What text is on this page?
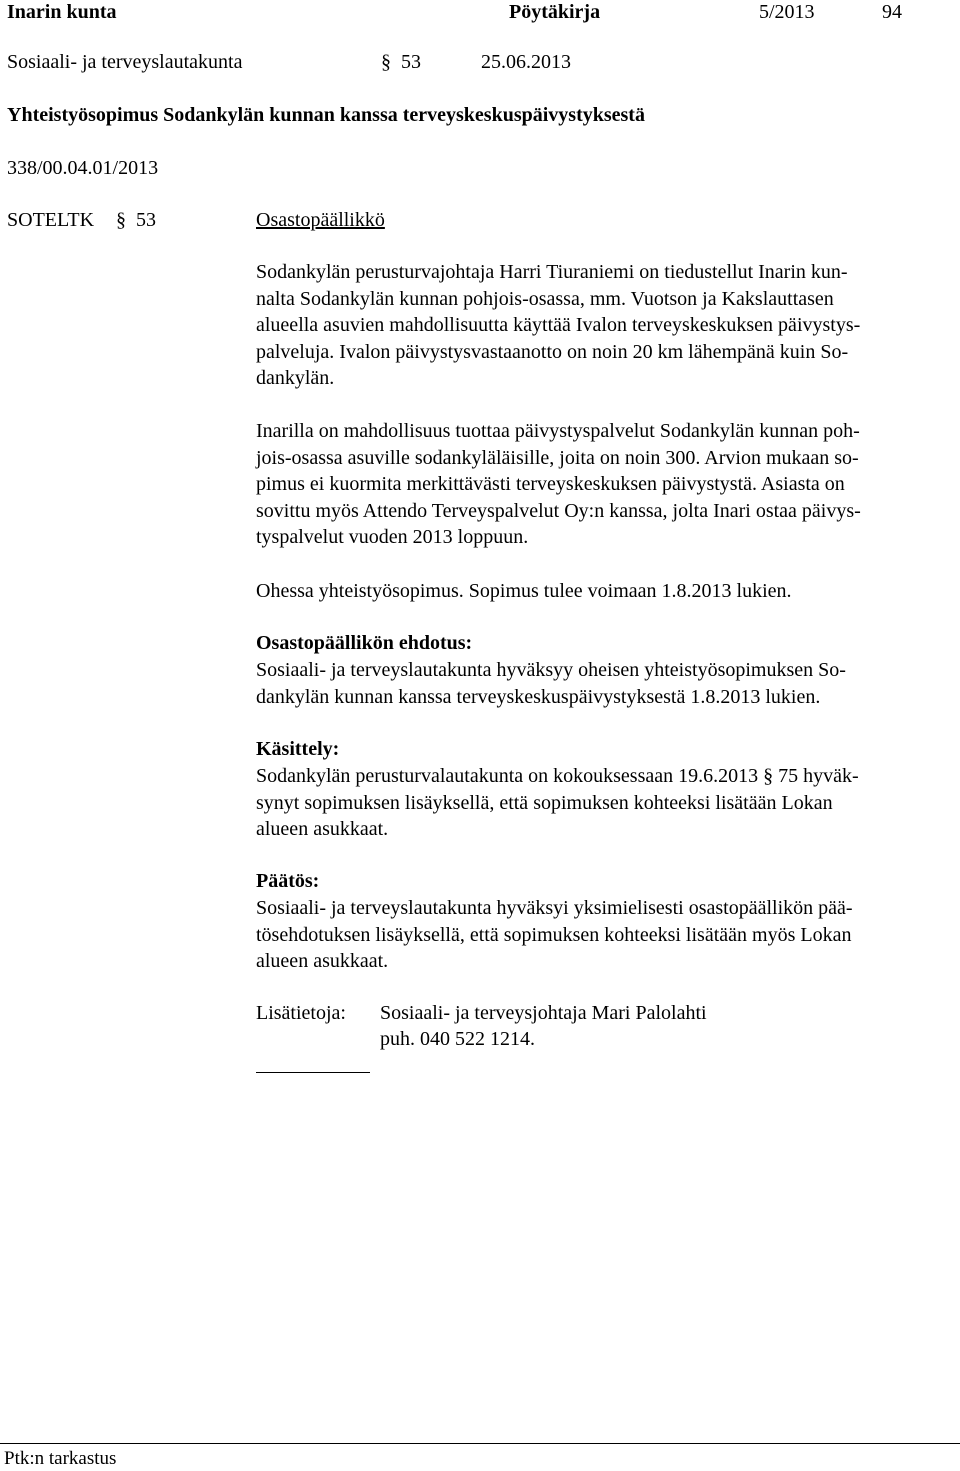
Inarin kunta	Pöytäkirja	5/2013	94
Sosiaali- ja terveyslautakunta	§ 53	25.06.2013
Yhteistyösopimus Sodankylän kunnan kanssa terveyskeskuspäivystyksestä
338/00.04.01/2013
SOTELTK § 53	Osastopäällikkö
Sodankylän perusturvajohtaja Harri Tiuraniemi on tiedustellut Inarin kun-
nalta Sodankylän kunnan pohjois-osassa, mm. Vuotson ja Kakslauttasen
alueella asuvien mahdollisuutta käyttää Ivalon terveyskeskuksen päivystys-
palveluja. Ivalon päivystysvastaanotto on noin 20 km lähempänä kuin So-
dankylän.
Inarilla on mahdollisuus tuottaa päivystyspalvelut Sodankylän kunnan poh-
jois-osassa asuville sodankyläläisille, joita on noin 300. Arvion mukaan so-
pimus ei kuormita merkittävästi terveyskeskuksen päivystystä. Asiasta on
sovittu myös Attendo Terveyspalvelut Oy:n kanssa, jolta Inari ostaa päivys-
tyspalvelut vuoden 2013 loppuun.
Ohessa yhteistyösopimus. Sopimus tulee voimaan 1.8.2013 lukien.
Osastopäällikön ehdotus:
Sosiaali- ja terveyslautakunta hyväksyy oheisen yhteistyösopimuksen So-
dankylän kunnan kanssa terveyskeskuspäivystyksestä 1.8.2013 lukien.
Käsittely:
Sodankylän perusturvalautakunta on kokouksessaan 19.6.2013 § 75 hyväk-
synyt sopimuksen lisäyksellä, että sopimuksen kohteeksi lisätään Lokan
alueen asukkaat.
Päätös:
Sosiaali- ja terveyslautakunta hyväksyi yksimielisesti osastopäällikön pää-
tösehdotuksen lisäyksellä, että sopimuksen kohteeksi lisätään myös Lokan
alueen asukkaat.
Lisätietoja: Sosiaali- ja terveysjohtaja Mari Palolahti
puh. 040 522 1214.
Ptk:n tarkastus
